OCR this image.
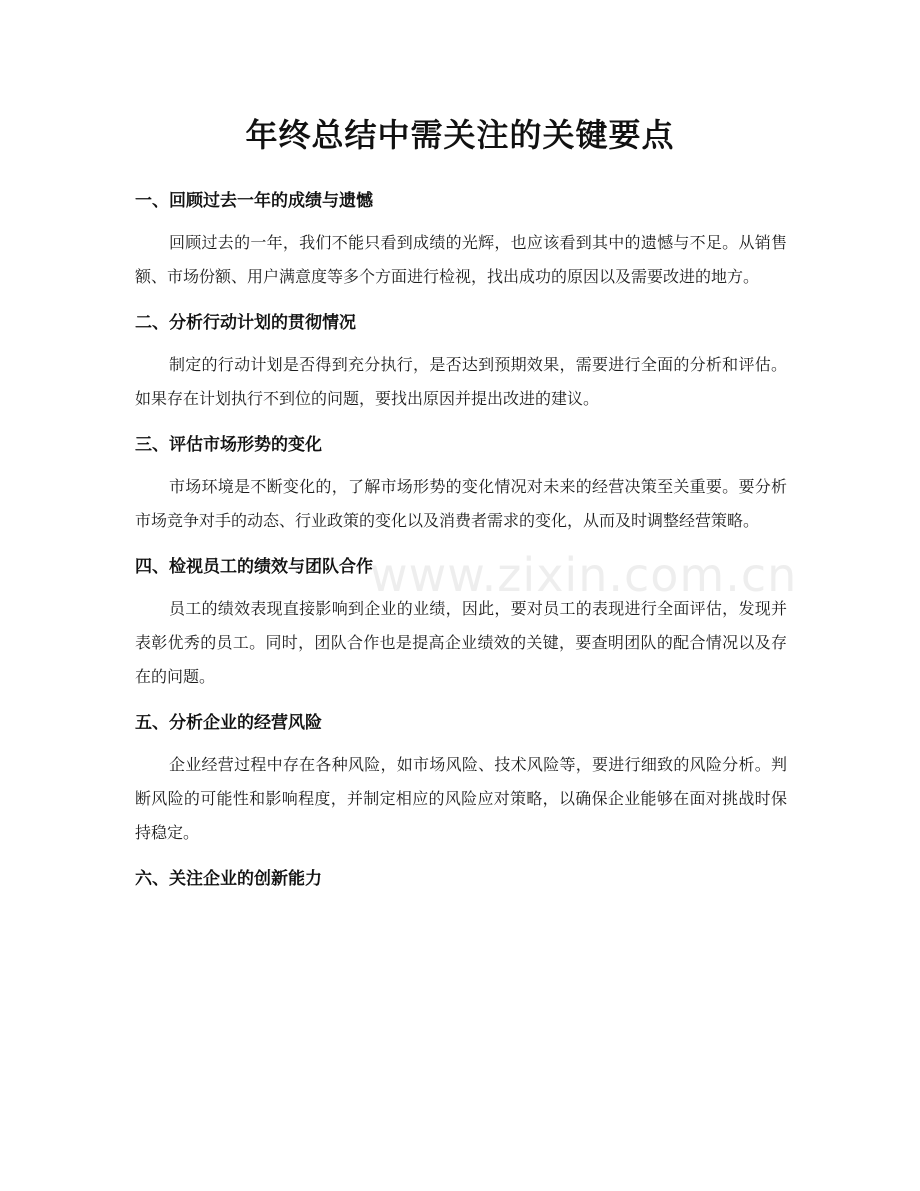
年终总结中需关注的关键要点
www.zixin.com.cn
一、回顾过去一年的成绩与遗憾

回顾过去的一年，我们不能只看到成绩的光辉，也应该看到其中的遗憾与不足。从销售额、市场份额、用户满意度等多个方面进行检视，找出成功的原因以及需要改进的地方。

二、分析行动计划的贯彻情况

制定的行动计划是否得到充分执行，是否达到预期效果，需要进行全面的分析和评估。如果存在计划执行不到位的问题，要找出原因并提出改进的建议。

三、评估市场形势的变化

市场环境是不断变化的，了解市场形势的变化情况对未来的经营决策至关重要。要分析市场竞争对手的动态、行业政策的变化以及消费者需求的变化，从而及时调整经营策略。

四、检视员工的绩效与团队合作

员工的绩效表现直接影响到企业的业绩，因此，要对员工的表现进行全面评估，发现并表彰优秀的员工。同时，团队合作也是提高企业绩效的关键，要查明团队的配合情况以及存在的问题。

五、分析企业的经营风险

企业经营过程中存在各种风险，如市场风险、技术风险等，要进行细致的风险分析。判断风险的可能性和影响程度，并制定相应的风险应对策略，以确保企业能够在面对挑战时保持稳定。

六、关注企业的创新能力
